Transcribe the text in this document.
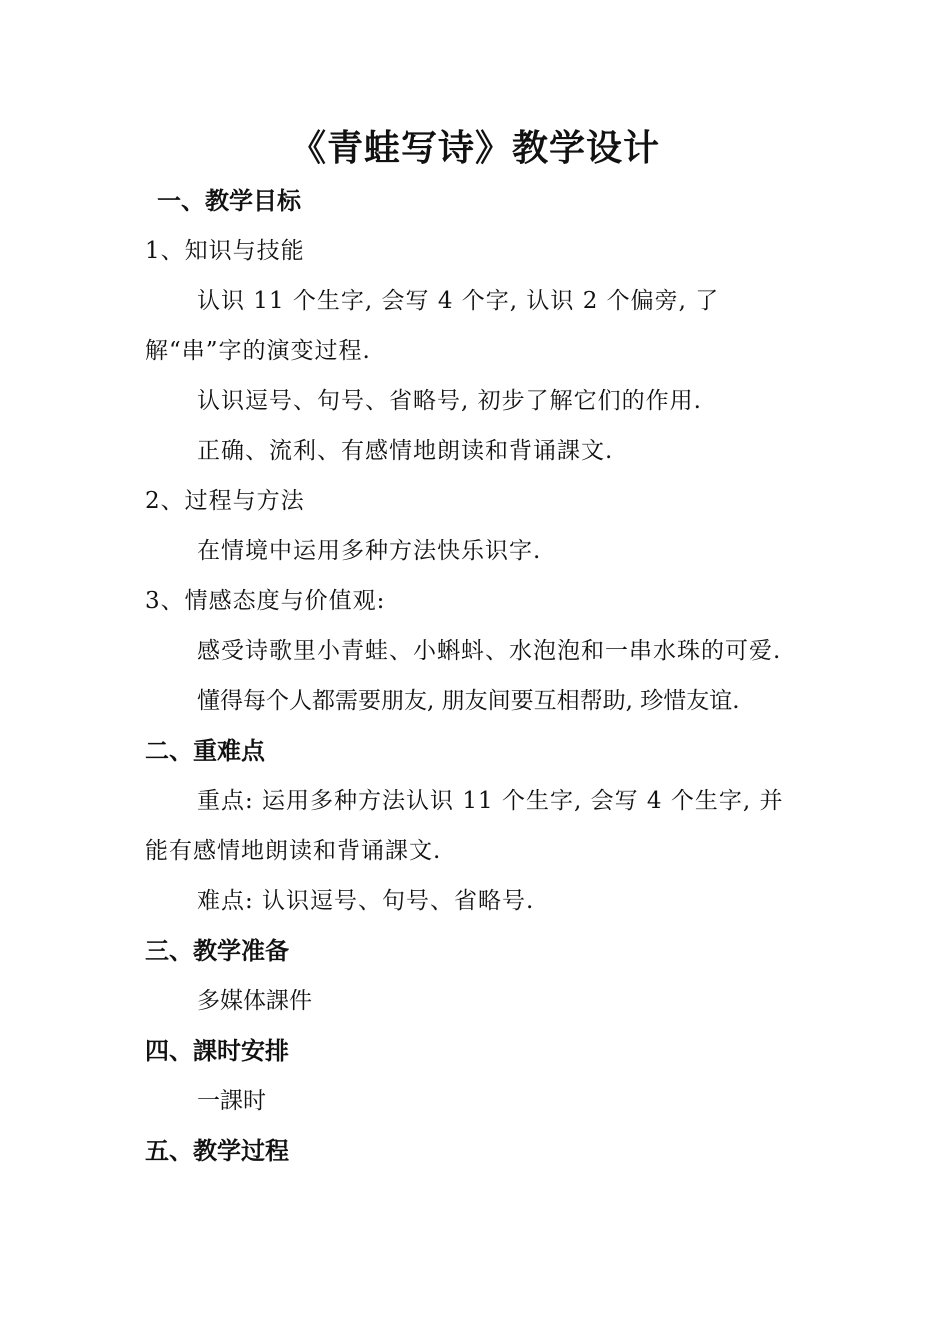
《青蛙写诗》教学设计

一、教学目标

1、知识与技能

认识 11 个生字, 会写 4 个字, 认识 2 个偏旁, 了解“串”字的演变过程.

认识逗号、句号、省略号, 初步了解它们的作用.

正确、流利、有感情地朗读和背诵課文.

2、过程与方法

在情境中运用多种方法快乐识字.

3、情感态度与价值观:

感受诗歌里小青蛙、小蝌蚪、水泡泡和一串水珠的可爱.

懂得每个人都需要朋友, 朋友间要互相帮助, 珍惜友谊.

二、重难点

重点: 运用多种方法认识 11 个生字, 会写 4 个生字, 并能有感情地朗读和背诵課文.

难点: 认识逗号、句号、省略号.

三、教学准备

多媒体課件

四、課时安排

一課时

五、教学过程
